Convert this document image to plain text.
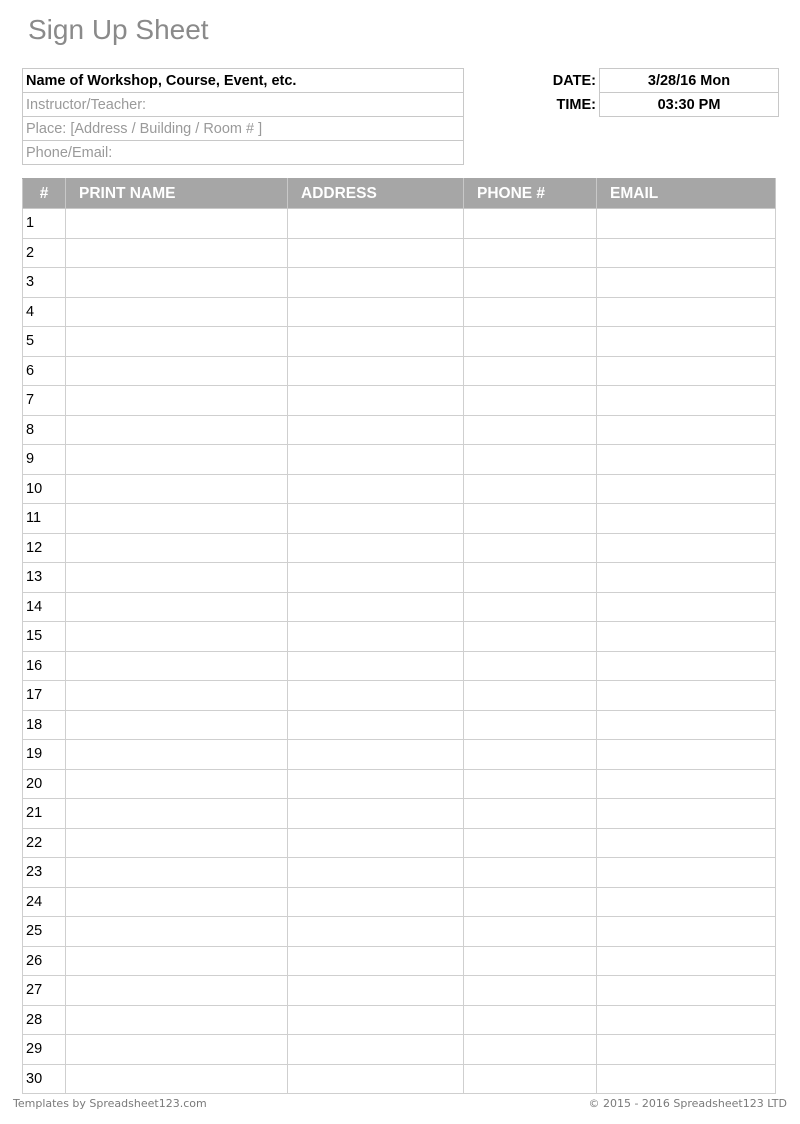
Sign Up Sheet
Name of Workshop, Course, Event, etc.
Instructor/Teacher:
Place: [Address / Building / Room # ]
Phone/Email:
DATE:	3/28/16 Mon
TIME:	03:30 PM
#	PRINT NAME	ADDRESS	PHONE #	EMAIL
1				
2				
3				
4				
5				
6				
7				
8				
9				
10				
11				
12				
13				
14				
15				
16				
17				
18				
19				
20				
21				
22				
23				
24				
25				
26				
27				
28				
29				
30				
Templates by Spreadsheet123.com	© 2015 - 2016 Spreadsheet123 LTD
